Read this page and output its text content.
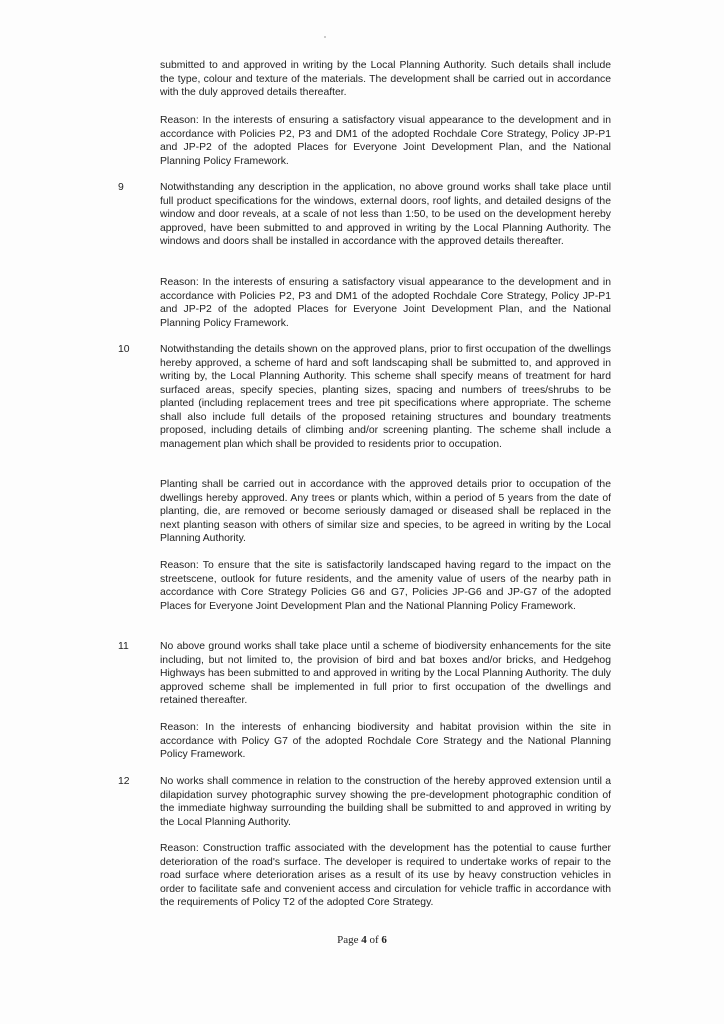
submitted to and approved in writing by the Local Planning Authority. Such details shall include the type, colour and texture of the materials. The development shall be carried out in accordance with the duly approved details thereafter.

Reason: In the interests of ensuring a satisfactory visual appearance to the development and in accordance with Policies P2, P3 and DM1 of the adopted Rochdale Core Strategy, Policy JP-P1 and JP-P2 of the adopted Places for Everyone Joint Development Plan, and the National Planning Policy Framework.

9	Notwithstanding any description in the application, no above ground works shall take place until full product specifications for the windows, external doors, roof lights, and detailed designs of the window and door reveals, at a scale of not less than 1:50, to be used on the development hereby approved, have been submitted to and approved in writing by the Local Planning Authority. The windows and doors shall be installed in accordance with the approved details thereafter.

Reason: In the interests of ensuring a satisfactory visual appearance to the development and in accordance with Policies P2, P3 and DM1 of the adopted Rochdale Core Strategy, Policy JP-P1 and JP-P2 of the adopted Places for Everyone Joint Development Plan, and the National Planning Policy Framework.

10	Notwithstanding the details shown on the approved plans, prior to first occupation of the dwellings hereby approved, a scheme of hard and soft landscaping shall be submitted to, and approved in writing by, the Local Planning Authority. This scheme shall specify means of treatment for hard surfaced areas, specify species, planting sizes, spacing and numbers of trees/shrubs to be planted (including replacement trees and tree pit specifications where appropriate. The scheme shall also include full details of the proposed retaining structures and boundary treatments proposed, including details of climbing and/or screening planting. The scheme shall include a management plan which shall be provided to residents prior to occupation.

Planting shall be carried out in accordance with the approved details prior to occupation of the dwellings hereby approved. Any trees or plants which, within a period of 5 years from the date of planting, die, are removed or become seriously damaged or diseased shall be replaced in the next planting season with others of similar size and species, to be agreed in writing by the Local Planning Authority.

Reason: To ensure that the site is satisfactorily landscaped having regard to the impact on the streetscene, outlook for future residents, and the amenity value of users of the nearby path in accordance with Core Strategy Policies G6 and G7, Policies JP-G6 and JP-G7 of the adopted Places for Everyone Joint Development Plan and the National Planning Policy Framework.

11	No above ground works shall take place until a scheme of biodiversity enhancements for the site including, but not limited to, the provision of bird and bat boxes and/or bricks, and Hedgehog Highways has been submitted to and approved in writing by the Local Planning Authority. The duly approved scheme shall be implemented in full prior to first occupation of the dwellings and retained thereafter.

Reason: In the interests of enhancing biodiversity and habitat provision within the site in accordance with Policy G7 of the adopted Rochdale Core Strategy and the National Planning Policy Framework.

12	No works shall commence in relation to the construction of the hereby approved extension until a dilapidation survey photographic survey showing the pre-development photographic condition of the immediate highway surrounding the building shall be submitted to and approved in writing by the Local Planning Authority.

Reason: Construction traffic associated with the development has the potential to cause further deterioration of the road's surface. The developer is required to undertake works of repair to the road surface where deterioration arises as a result of its use by heavy construction vehicles in order to facilitate safe and convenient access and circulation for vehicle traffic in accordance with the requirements of Policy T2 of the adopted Core Strategy.

Page 4 of 6
